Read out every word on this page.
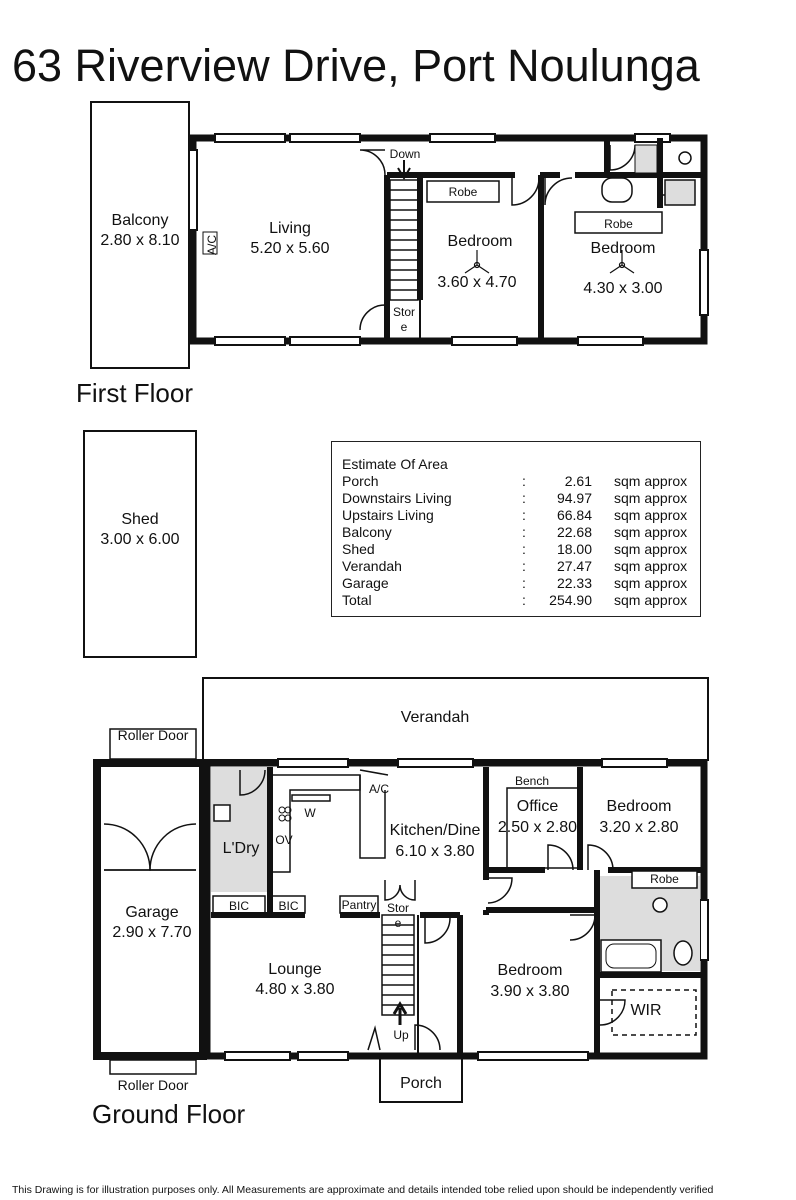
63 Riverview Drive, Port Noulunga
Balcony
2.80 x 8.10	A/C
Living
5.20 x 5.60
Down
Stor
e
Robe
Bedroom
3.60 x 4.70
Robe
Bedroom
4.30 x 3.00
First Floor
Shed
3.00 x 6.00
Estimate Of Area
Porch	:	2.61 sqm approx
Downstairs Living	: 94.97 sqm approx
Upstairs Living	: 66.84 sqm approx
Balcony	: 22.68 sqm approx
Shed	: 18.00 sqm approx
Verandah	: 27.47 sqm approx
Garage	: 22.33 sqm approx
Total	: 254.90 sqm approx
Verandah
Roller Door
Garage
2.90 x 7.70
L'Dry
W
OV
A/C
BIC	BIC	Pantry Stor
e
Kitchen/Dine
6.10 x 3.80
Bench
Office
2.50 x 2.80
Bedroom
3.20 x 2.80
Robe
Lounge
4.80 x 3.80
Up
Bedroom
3.90 x 3.80
WIR
Porch
Roller Door
Ground Floor
This Drawing is for illustration purposes only. All Measurements are approximate and details intended tobe relied upon should be independently verified
